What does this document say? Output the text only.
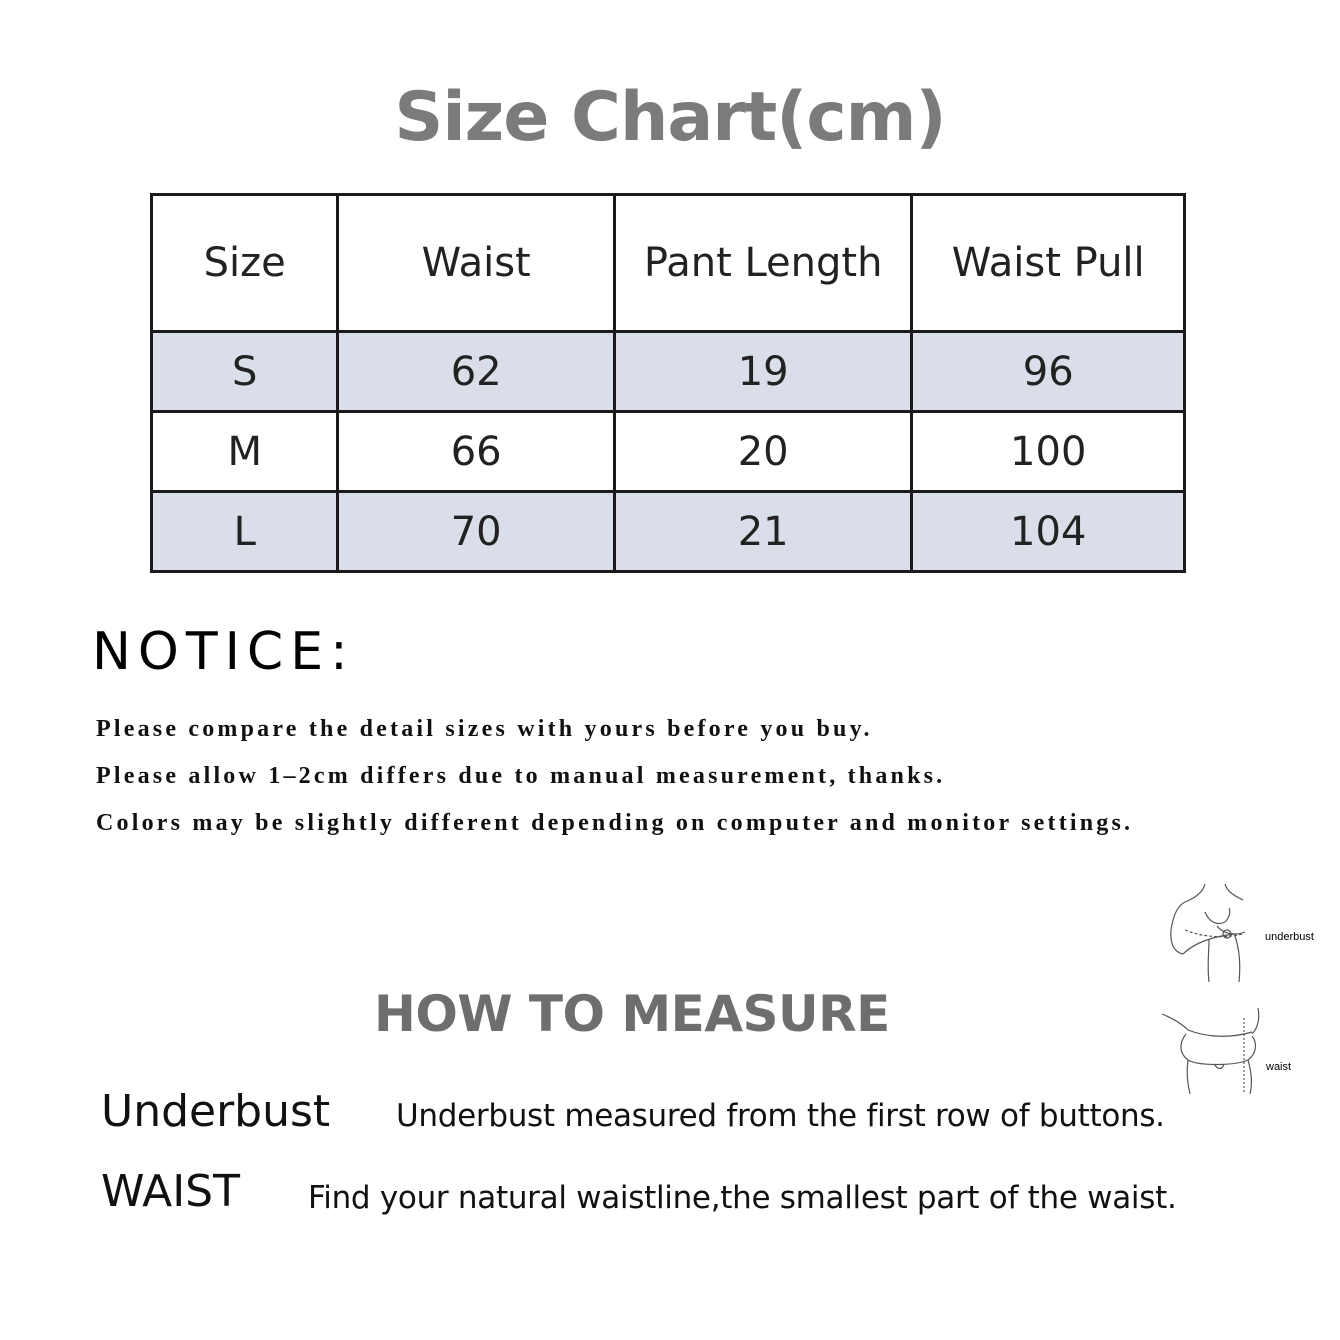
Size Chart(cm)
Size	Waist	Pant Length	Waist Pull
S	62	19	96
M	66	20	100
L	70	21	104
NOTICE:
Please compare the detail sizes with yours before you buy.
Please allow 1–2cm differs due to manual measurement, thanks.
Colors may be slightly different depending on computer and monitor settings.
underbust
waist
HOW TO MEASURE
Underbust Underbust measured from the first row of buttons.
WAIST Find your natural waistline,the smallest part of the waist.
